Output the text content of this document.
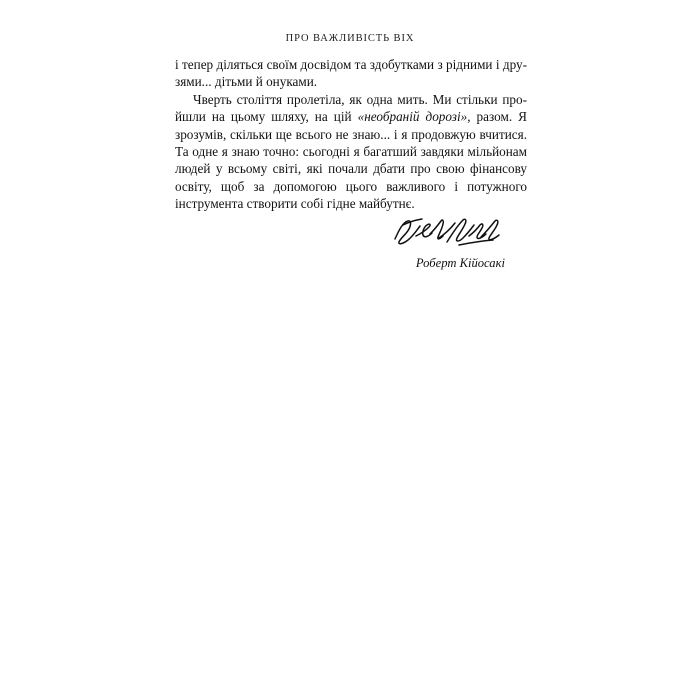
ПРО ВАЖЛИВІСТЬ ВІХ

і тепер діляться своїм досвідом та здобутками з рідними і друзями... дітьми й онуками.

Чверть століття пролетіла, як одна мить. Ми стільки пройшли на цьому шляху, на цій «необраній дорозі», разом. Я зрозумів, скільки ще всього не знаю... і я продовжую вчитися. Та одне я знаю точно: сьогодні я багатший завдяки мільйонам людей у всьому світі, які почали дбати про свою фінансову освіту, щоб за допомогою цього важливого і потужного інструмента створити собі гідне майбутнє.

Роберт Кійосакі
